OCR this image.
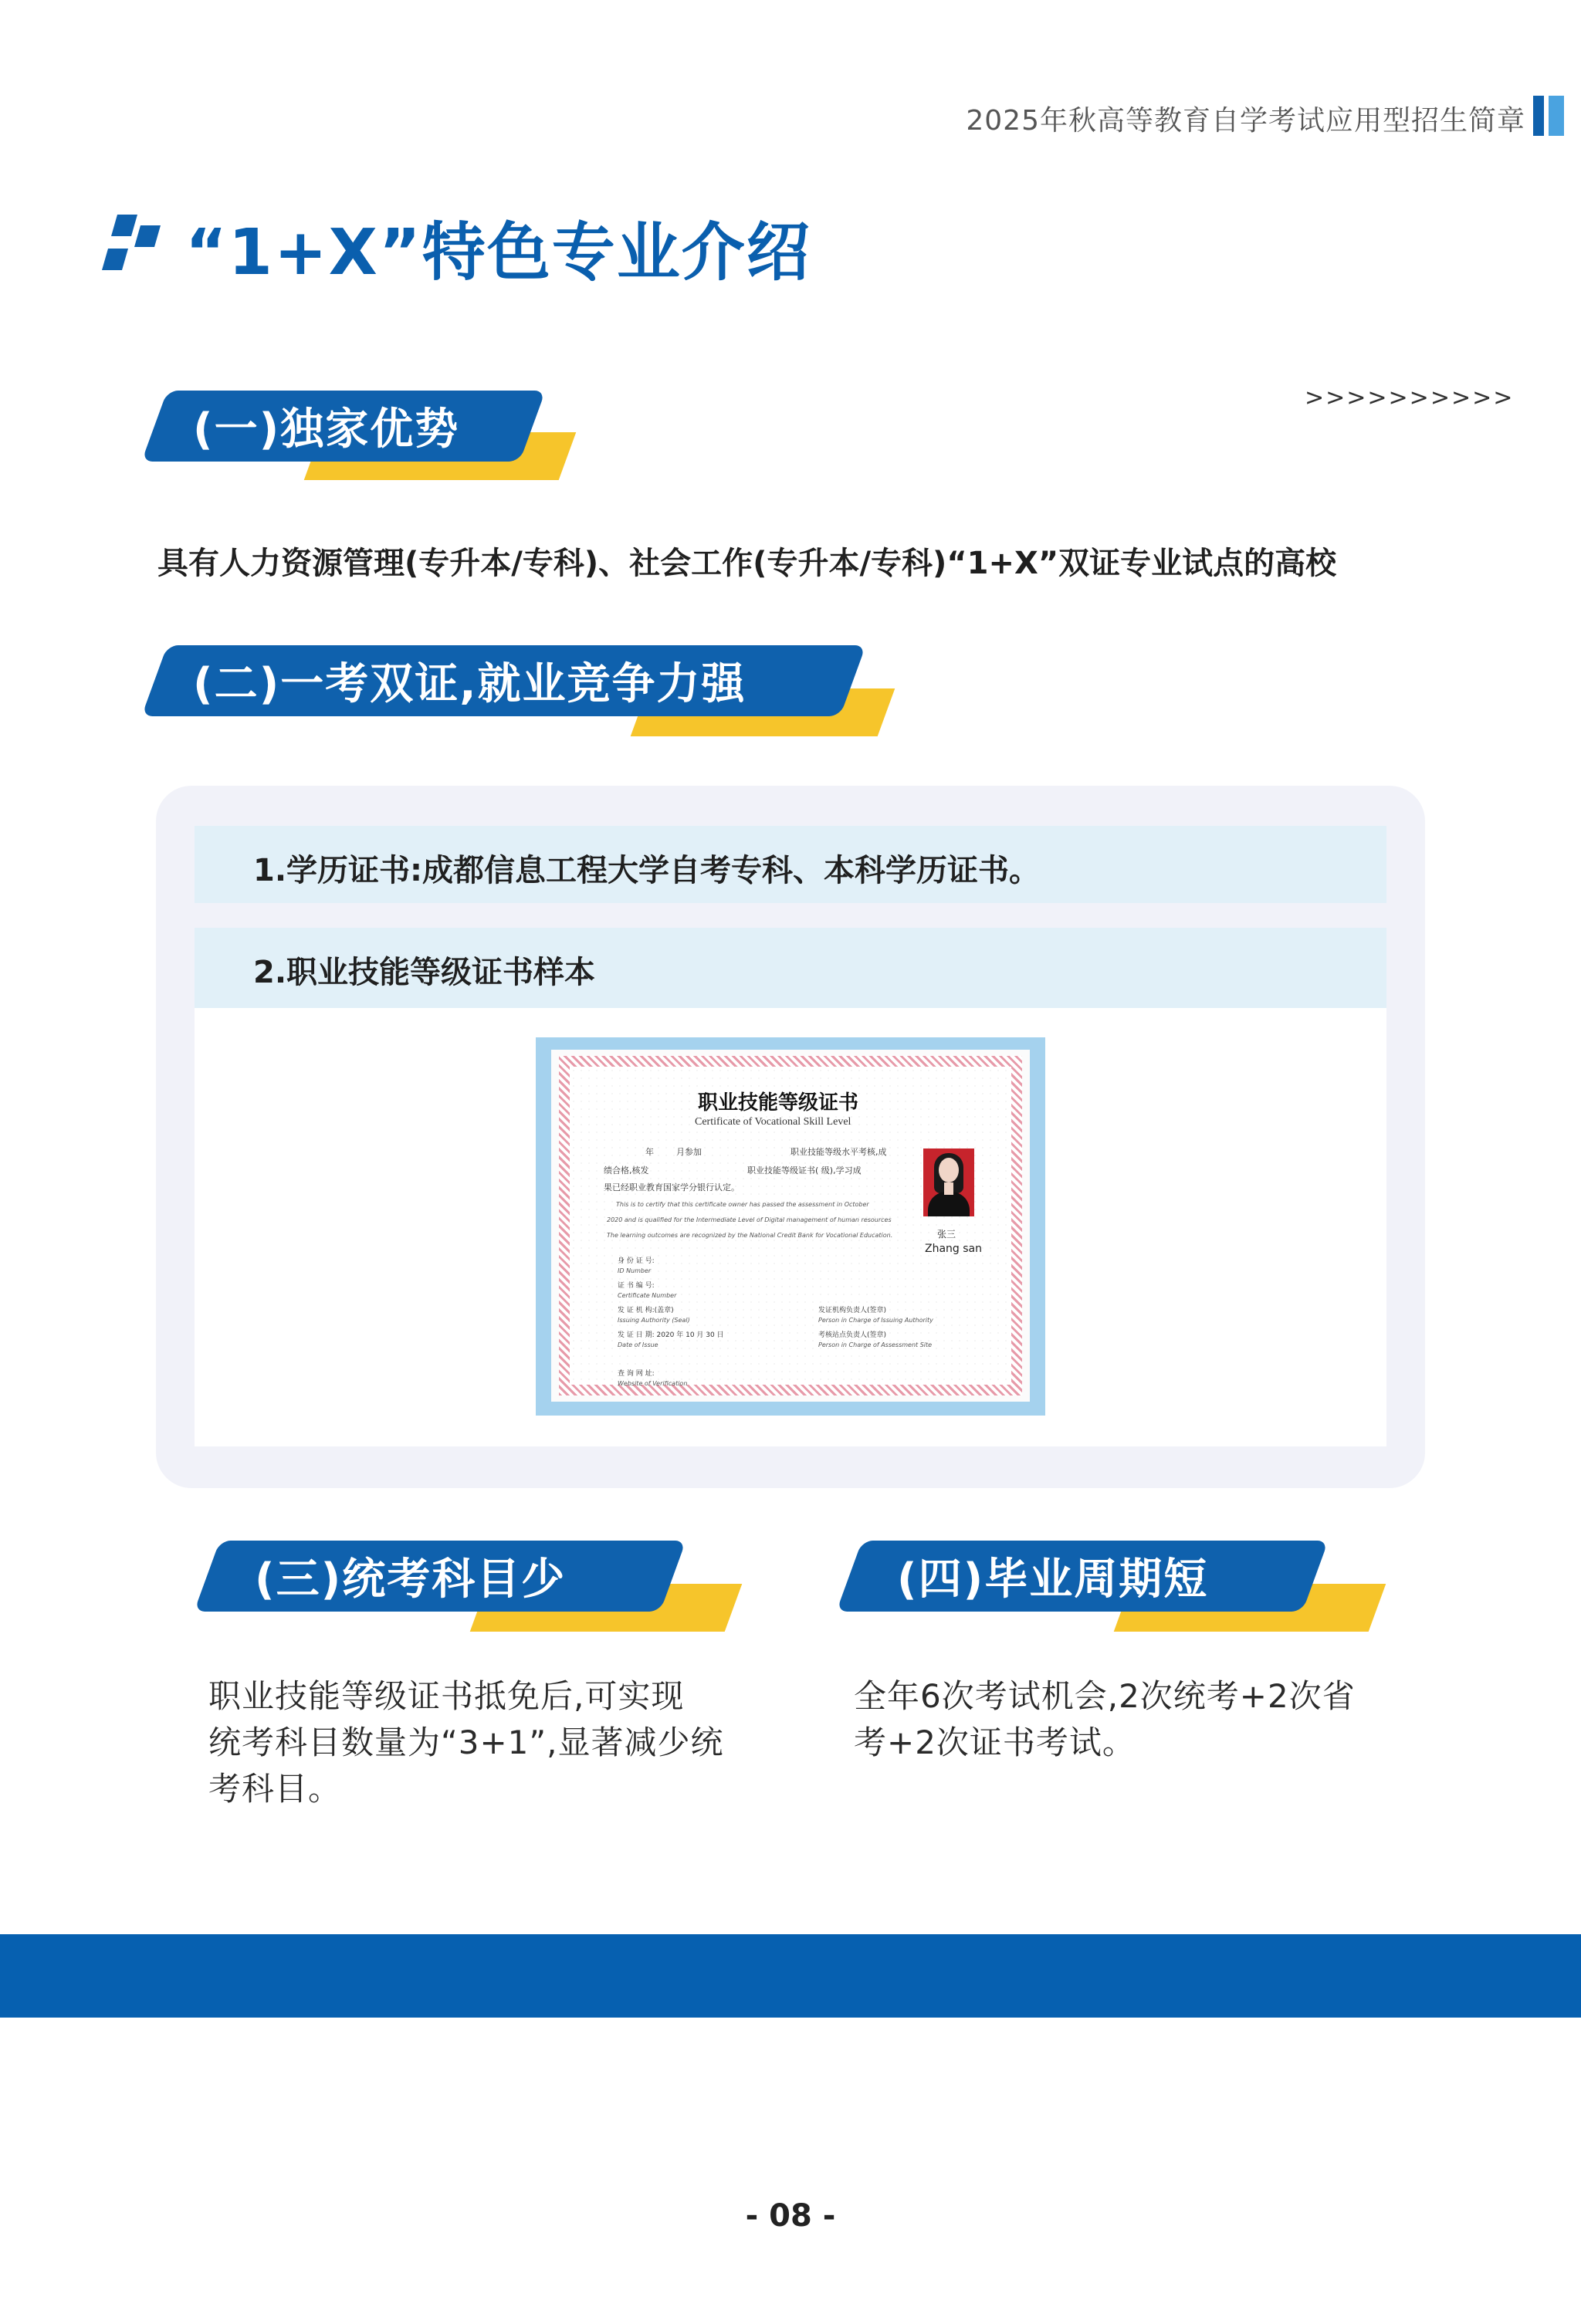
2025年秋高等教育自学考试应用型招生简章
“1+X”特色专业介绍
>>>>>>>>>>
(一)独家优势
具有人力资源管理(专升本/专科)、社会工作(专升本/专科)“1+X”双证专业试点的高校
(二)一考双证,就业竞争力强
1.学历证书:成都信息工程大学自考专科、本科学历证书。
2.职业技能等级证书样本
职业技能等级证书
Certificate of Vocational Skill Level
年	月参加	职业技能等级水平考核,成
绩合格,核发	职业技能等级证书( 级),学习成
果已经职业教育国家学分银行认定。
This is to certify that this certificate owner has passed the assessment in October
2020 and is qualified for the Intermediate Level of Digital management of human resources
The learning outcomes are recognized by the National Credit Bank for Vocational Education.	张三
Zhang san
身 份 证 号:
ID Number
证 书 编 号:
Certificate Number
发 证 机 构:(盖章)
Issuing Authority (Seal)
发 证 日 期: 2020 年 10 月 30 日
Date of Issue
查 询 网 址:
Website of Verification
发证机构负责人(签章)
Person in Charge of Issuing Authority
考核站点负责人(签章)
Person in Charge of Assessment Site
(三)统考科目少
职业技能等级证书抵免后,可实现
统考科目数量为“3+1”,显著减少统
考科目。
(四)毕业周期短
全年6次考试机会,2次统考+2次省
考+2次证书考试。
- 08 -
